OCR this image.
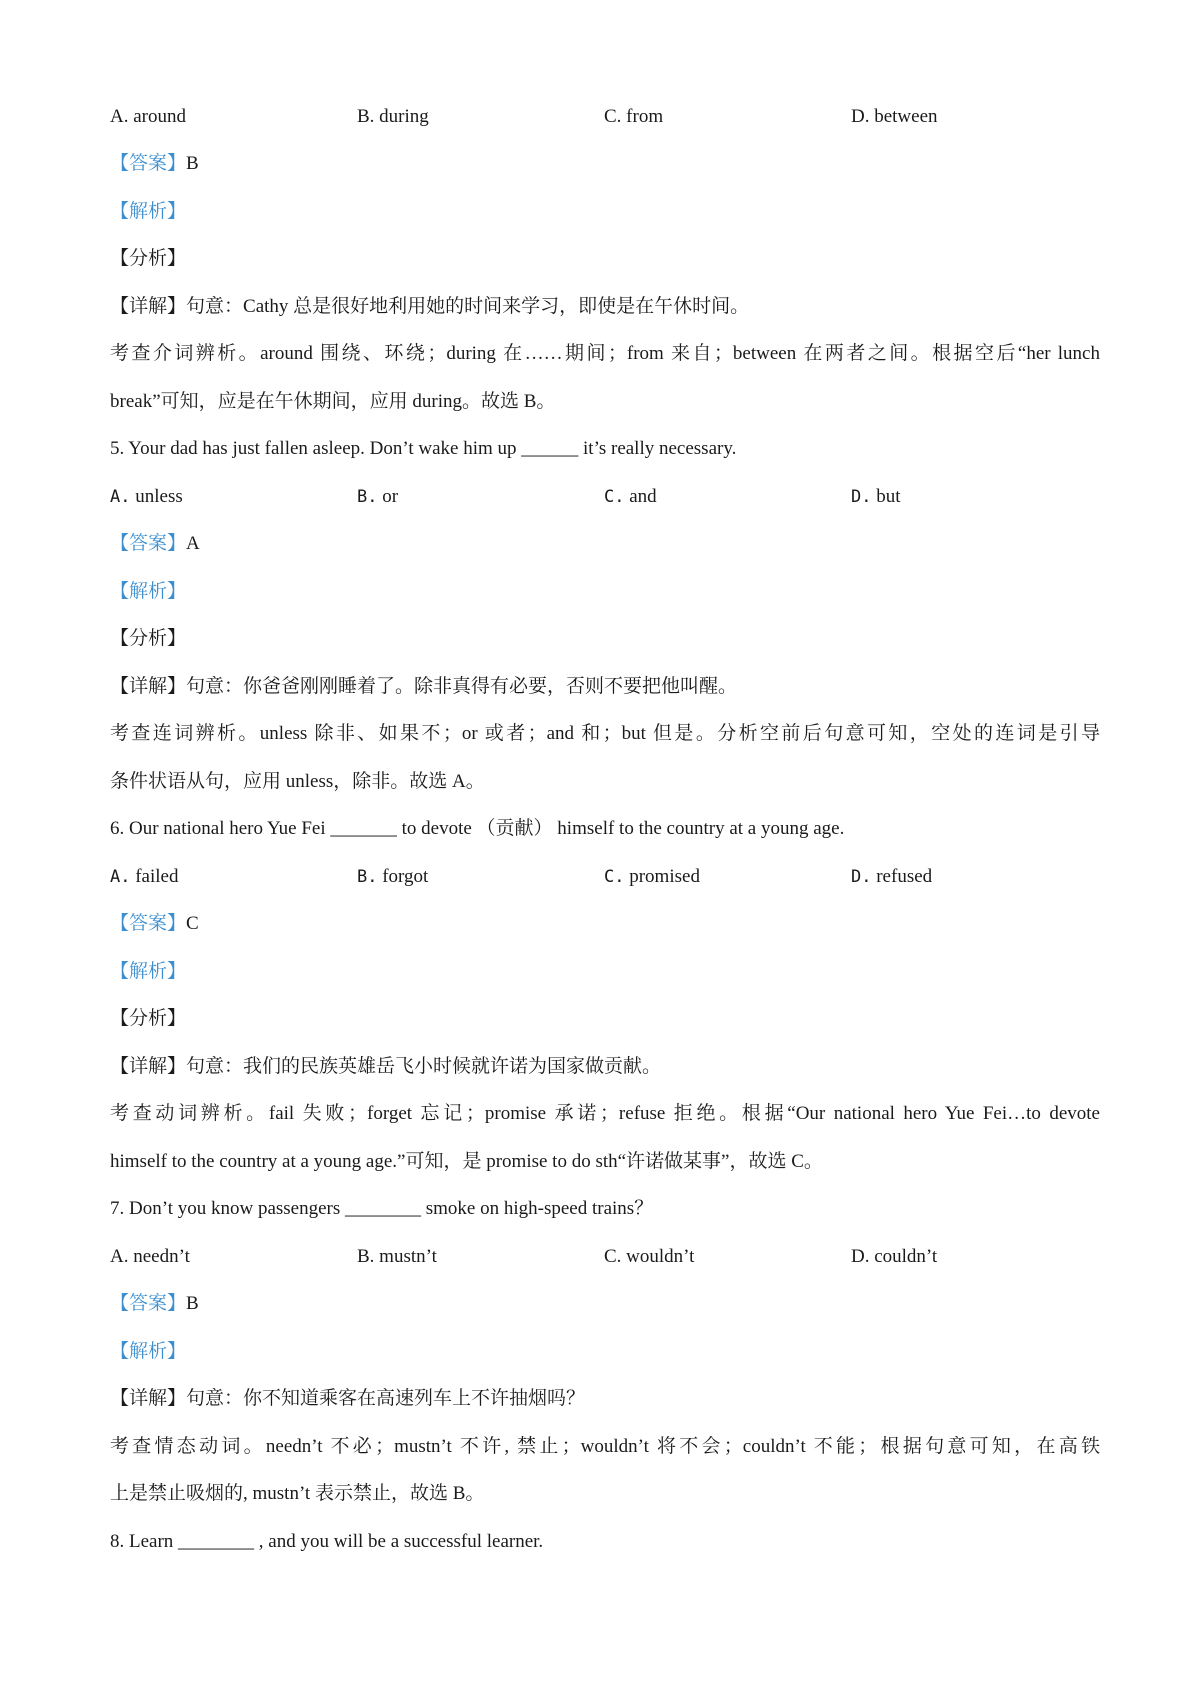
A. around	B. during	C. from	D. between
【答案】B
【解析】
【分析】
【详解】句意：Cathy 总是很好地利用她的时间来学习，即使是在午休时间。
考查介词辨析。around 围绕、环绕；during 在……期间；from 来自；between 在两者之间。根据空后“her lunch
break”可知，应是在午休期间，应用 during。故选 B。
5. Your dad has just fallen asleep. Don’t wake him up ______ it’s really necessary.
A. unless	B. or	C. and	D. but
【答案】A
【解析】
【分析】
【详解】句意：你爸爸刚刚睡着了。除非真得有必要，否则不要把他叫醒。
考查连词辨析。unless 除非、如果不；or 或者；and 和；but 但是。分析空前后句意可知，空处的连词是引导
条件状语从句，应用 unless，除非。故选 A。
6. Our national hero Yue Fei _______ to devote （贡献） himself to the country at a young age.
A. failed	B. forgot	C. promised	D. refused
【答案】C
【解析】
【分析】
【详解】句意：我们的民族英雄岳飞小时候就许诺为国家做贡献。
考查动词辨析。fail 失败；forget 忘记；promise 承诺；refuse 拒绝。根据“Our national hero Yue Fei…to devote
himself to the country at a young age.”可知，是 promise to do sth“许诺做某事”，故选 C。
7. Don’t you know passengers ________ smoke on high-speed trains？
A. needn’t	B. mustn’t	C. wouldn’t	D. couldn’t
【答案】B
【解析】
【详解】句意：你不知道乘客在高速列车上不许抽烟吗？
考查情态动词。needn’t 不必；mustn’t 不许, 禁止；wouldn’t 将不会；couldn’t 不能；根据句意可知，在高铁
上是禁止吸烟的, mustn’t 表示禁止，故选 B。
8. Learn ________ , and you will be a successful learner.
